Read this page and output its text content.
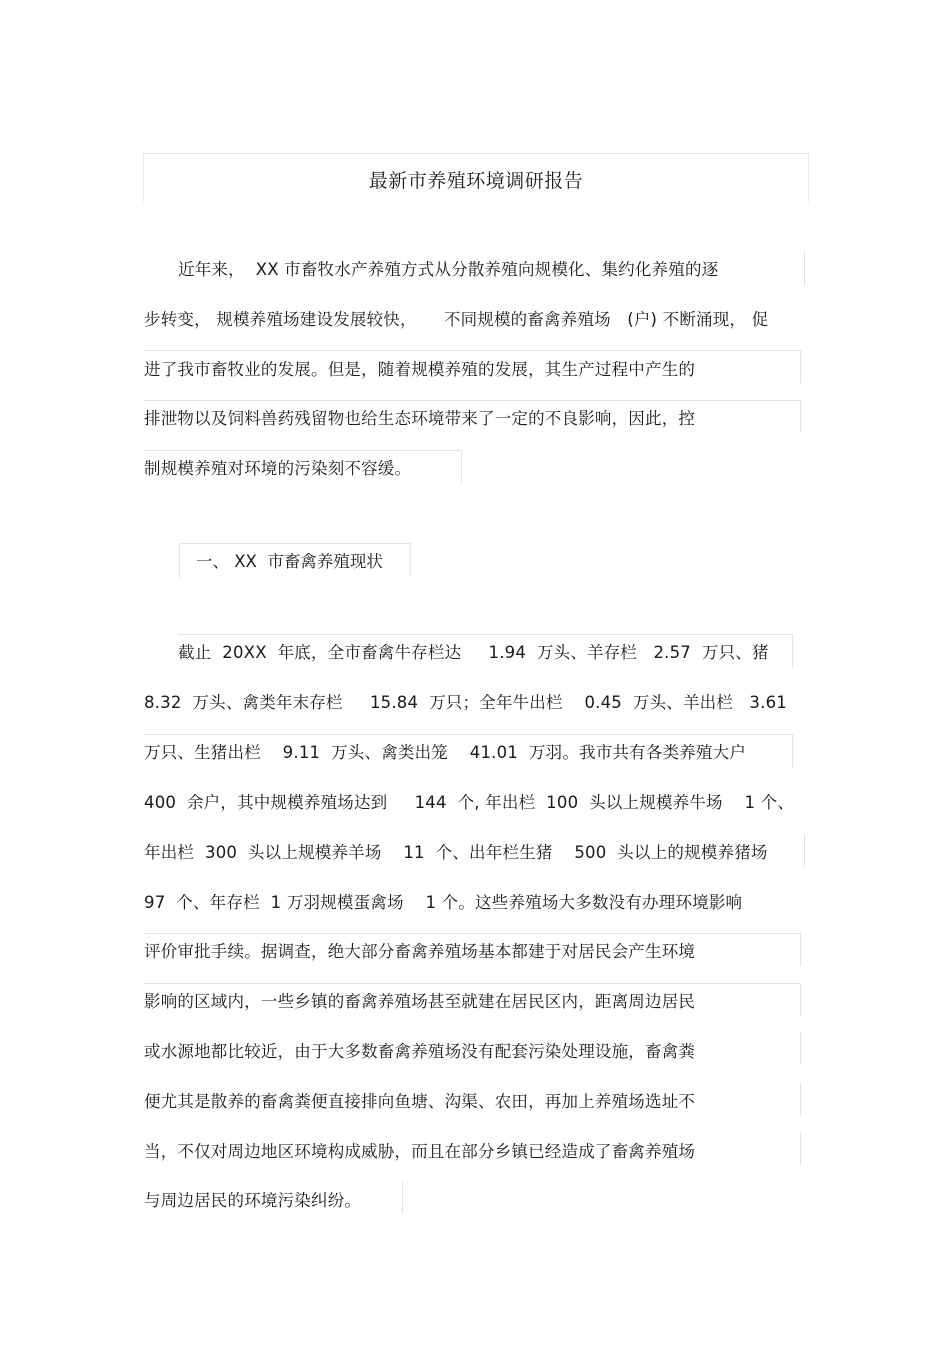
最新市养殖环境调研报告
近年来，  XX 市畜牧水产养殖方式从分散养殖向规模化、集约化养殖的逐
步转变， 规模养殖场建设发展较快，     不同规模的畜禽养殖场   (户) 不断涌现， 促
进了我市畜牧业的发展。但是，随着规模养殖的发展，其生产过程中产生的
排泄物以及饲料兽药残留物也给生态环境带来了一定的不良影响，因此，控
制规模养殖对环境的污染刻不容缓。
一、 XX  市畜禽养殖现状
截止  20XX  年底，全市畜禽牛存栏达     1.94  万头、羊存栏   2.57  万只、猪
8.32  万头、禽类年末存栏     15.84  万只；全年牛出栏    0.45  万头、羊出栏   3.61
万只、生猪出栏    9.11  万头、禽类出笼    41.01  万羽。我市共有各类养殖大户
400  余户，其中规模养殖场达到     144  个, 年出栏  100  头以上规模养牛场    1 个、
年出栏  300  头以上规模养羊场    11  个、出年栏生猪    500  头以上的规模养猪场
97  个、年存栏  1 万羽规模蛋禽场    1 个。这些养殖场大多数没有办理环境影响
评价审批手续。据调查，绝大部分畜禽养殖场基本都建于对居民会产生环境
影响的区域内，一些乡镇的畜禽养殖场甚至就建在居民区内，距离周边居民
或水源地都比较近，由于大多数畜禽养殖场没有配套污染处理设施，畜禽粪
便尤其是散养的畜禽粪便直接排向鱼塘、沟渠、农田，再加上养殖场选址不
当，不仅对周边地区环境构成威胁，而且在部分乡镇已经造成了畜禽养殖场
与周边居民的环境污染纠纷。
